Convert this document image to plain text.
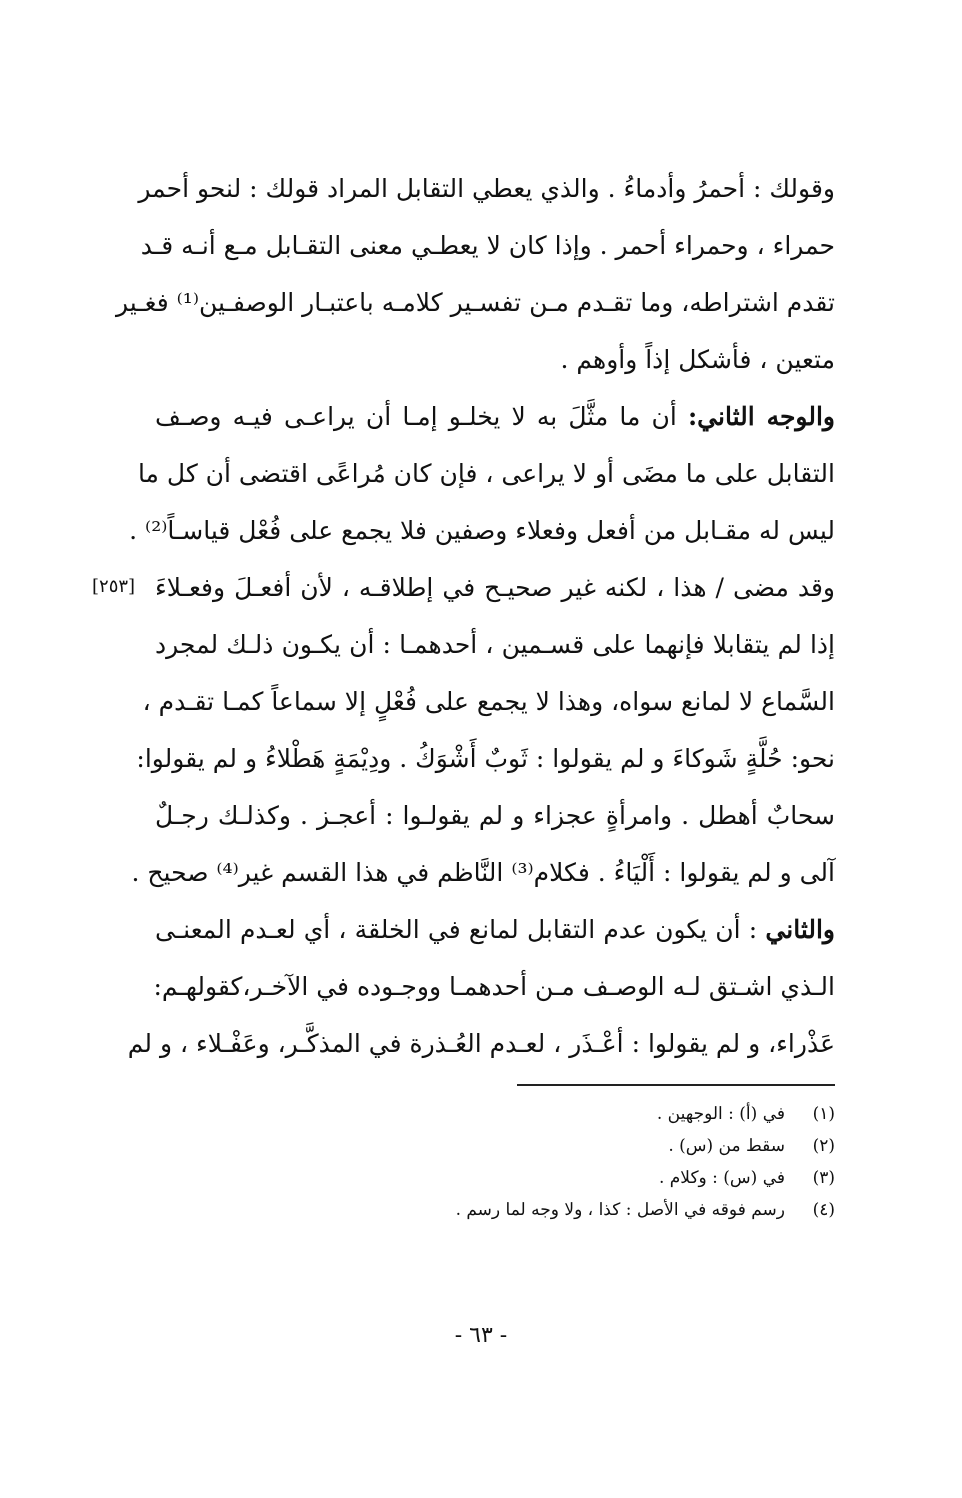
وقولك : أحمرُ وأدماءُ . والذي يعطي التقابل المراد قولك : لنحو أحمر
حمراء ، وحمراء أحمر . وإذا كان لا يعطـي معنى التقـابل مـع أنـه قـد
تقدم اشتراطه، وما تقـدم مـن تفسـير كلامـه باعتبـار الوصفـين⁽¹⁾ فغـير
متعين ، فأشكل إذاً وأوهم .
والوجه الثاني: أن ما مثَّلَ به لا يخلـو إمـا أن يراعـى فيـه وصـف
التقابل على ما مضَى أو لا يراعى ، فإن كان مُراعًى اقتضى أن كل ما
ليس له مقـابل من أفعل وفعلاء وصفين فلا يجمع على فُعْل قياسـاً⁽²⁾ .
وقد مضى / هذا ، لكنه غير صحيـح في إطلاقـه ، لأن أفعـلَ وفعـلاءَ
إذا لم يتقابلا فإنهما على قسـمين ، أحدهمـا : أن يكـون ذلـك لمجرد
السَّماع لا لمانع سواه، وهذا لا يجمع على فُعْلٍ إلا سماعاً كمـا تقـدم ،
نحو: حُلَّةٍ شَوكاءَ و لم يقولوا : ثَوبٌ أَشْوَكُ . ودِيْمَةٍ هَطْلاءُ و لم يقولوا:
سحابٌ أهطل . وامرأةٍ عجزاء و لم يقولـوا : أعجـز . وكذلـك رجـلٌ
آلى و لم يقولوا : أَلْيَاءُ . فكلام⁽³⁾ النَّاظم في هذا القسم غير⁽⁴⁾ صحيح .
والثاني : أن يكون عدم التقابل لمانع في الخلقة ، أي لعـدم المعنـى
الـذي اشـتق لـه الوصـف مـن أحدهمـا ووجـوده في الآخـر،كقولهـم:
عَذْراء، و لم يقولوا : أعْـذَر ، لعـدم العُـذرة في المذكَّـر، وعَفْـلاء ، و لم
[٢٥٣]
(١)
في (أ) : الوجهين .
(٢)
سقط من (س) .
(٣)
في (س) : وكلام .
(٤)
رسم فوقه في الأصل : كذا ، ولا وجه لما رسم .
- ٦٣ -
